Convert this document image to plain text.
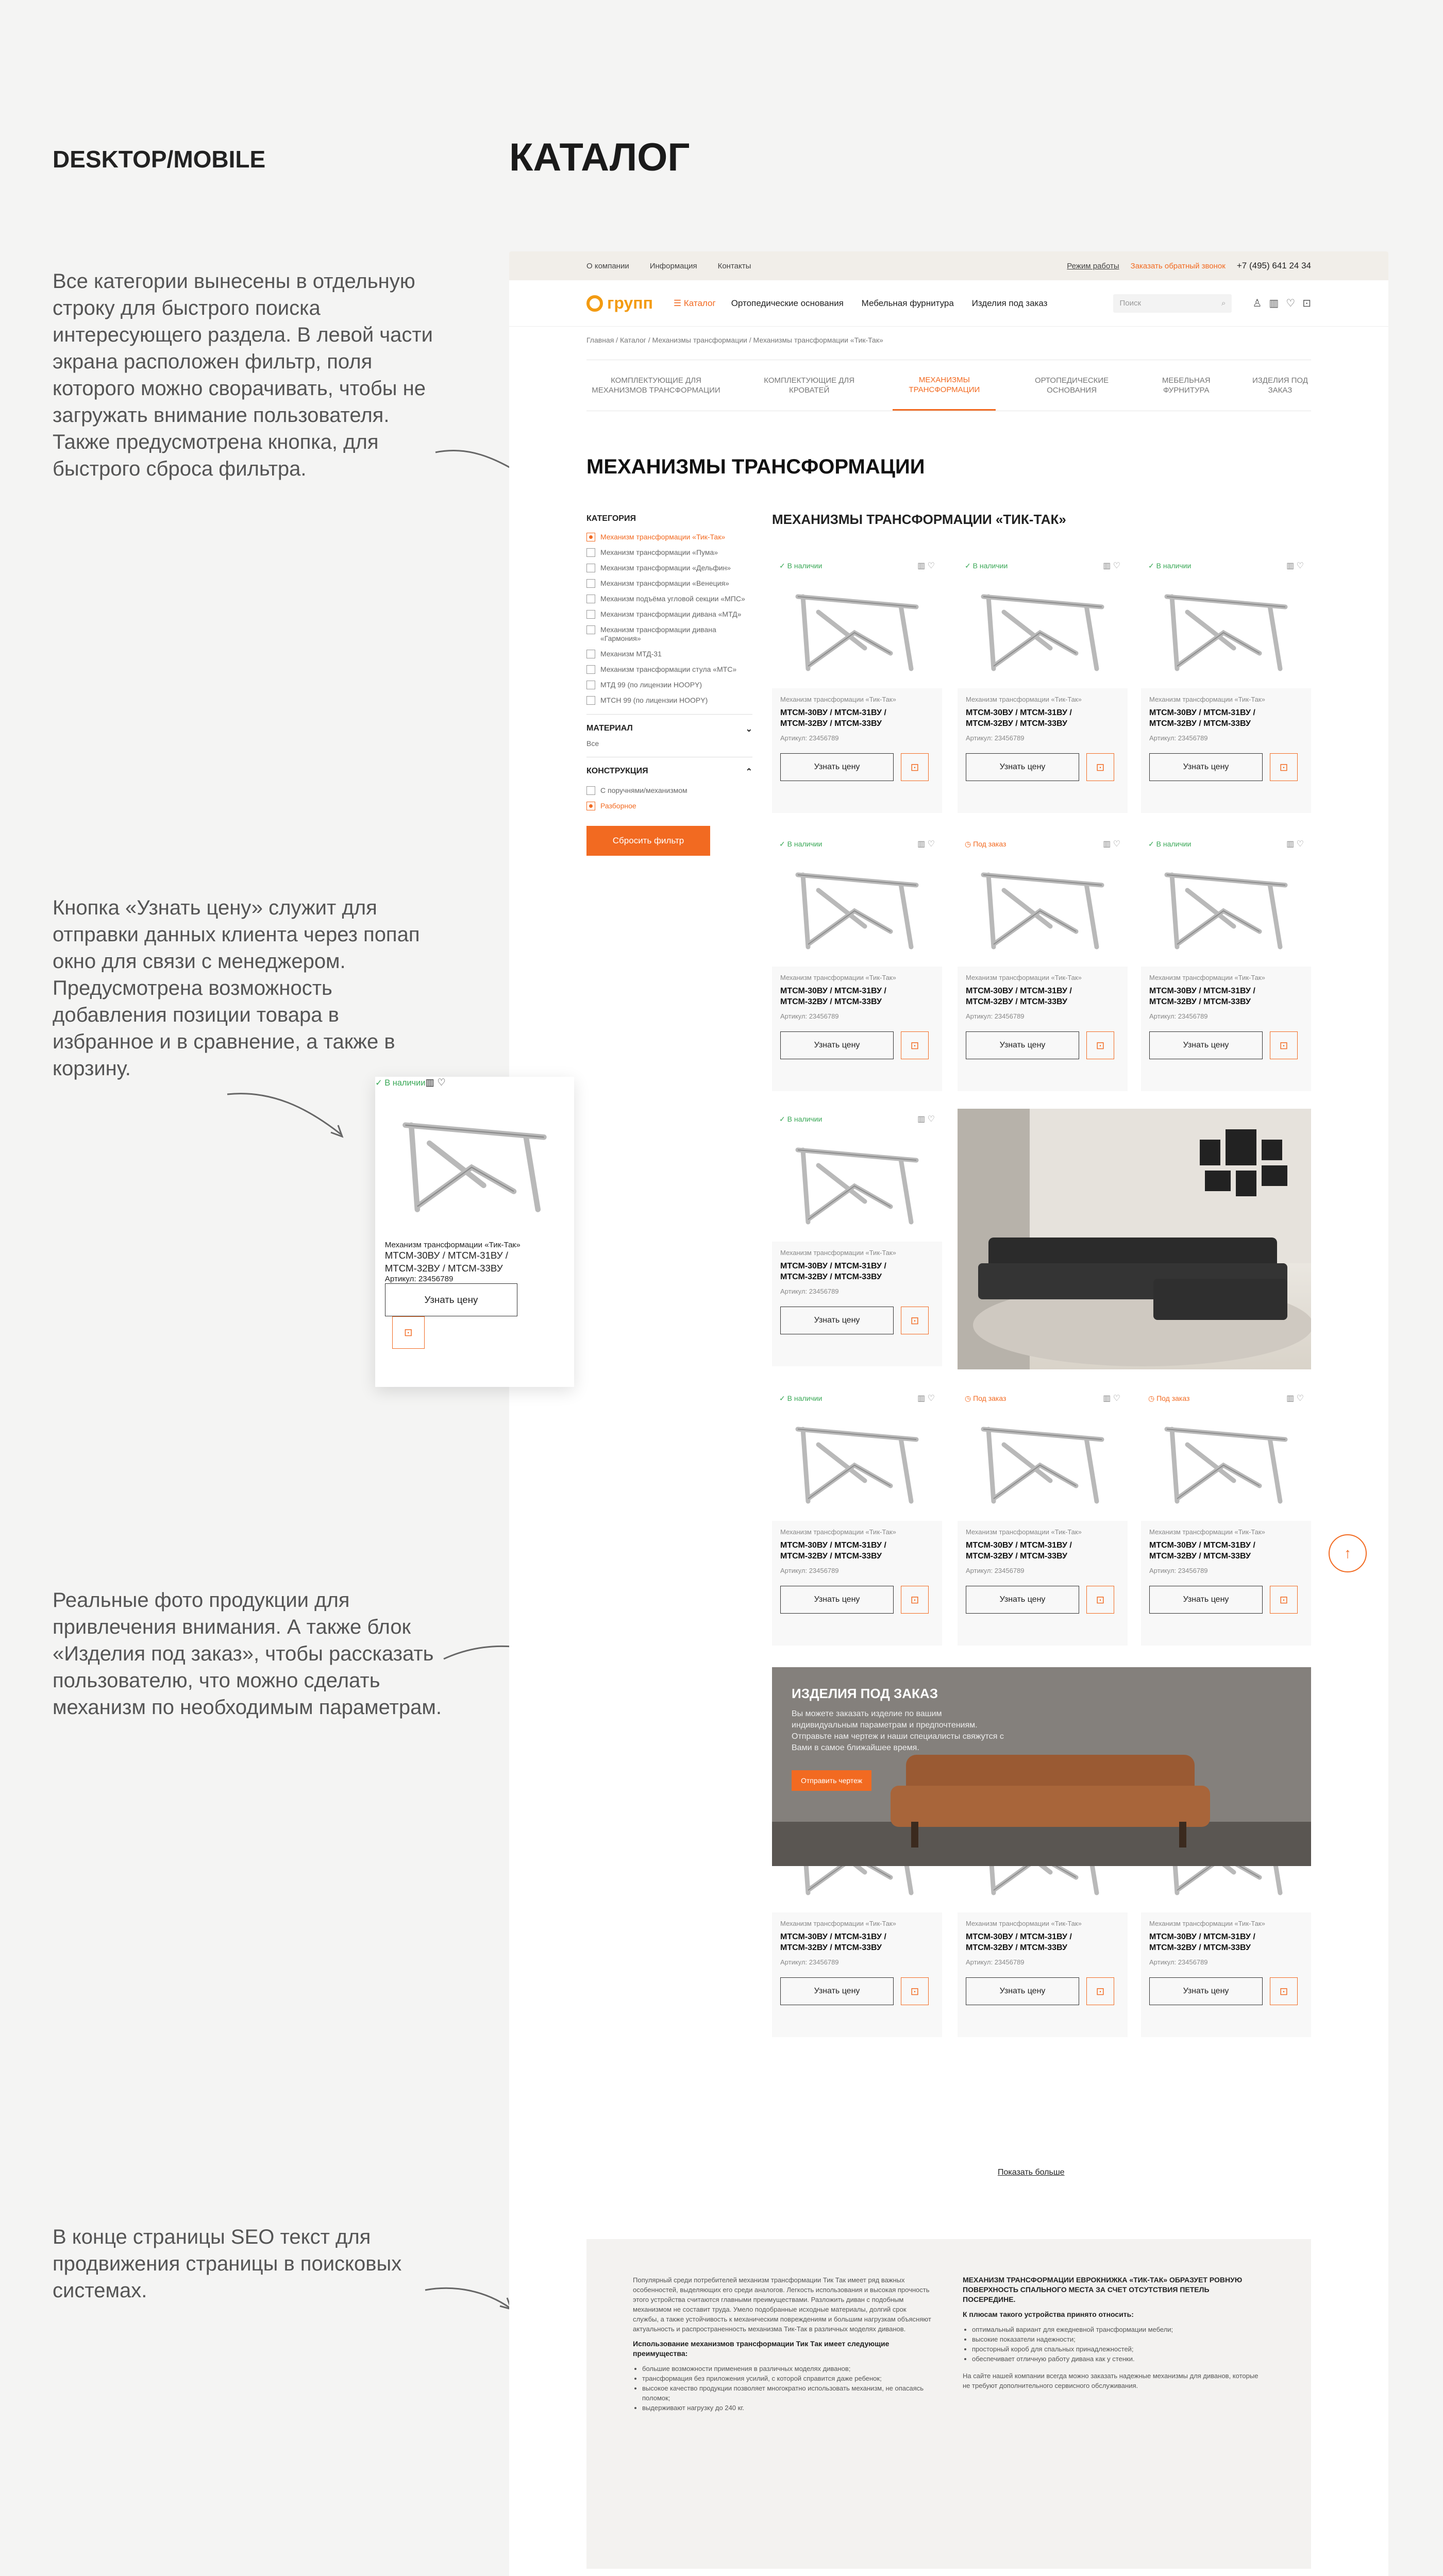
DESKTOP/MOBILE	КАТАЛОГ
Все категории вынесены в отдельную строку для быстрого поиска интересующего раздела. В левой части экрана расположен фильтр, поля которого можно сворачивать, чтобы не загружать внимание пользователя. Также предусмотрена кнопка, для быстрого сброса фильтра.
Кнопка «Узнать цену» служит для отправки данных клиента через попап окно для связи с менеджером. Предусмотрена возможность добавления позиции товара в избранное и в сравнение, а также в корзину.
Реальные фото продукции для привлечения внимания. А также блок «Изделия под заказ», чтобы рассказать пользователю, что можно сделать механизм по необходимым параметрам.
В конце страницы SEO текст для продвижения страницы в поисковых системах.
О компании	Информация	Контакты	Режим работы Заказать обратный звонок +7 (495) 641 24 34
групп ☰ Каталог Ортопедические основания Мебельная фурнитура Изделия под заказ	Поиск	⌕	♙ ▥ ♡ ⊡
Главная / Каталог / Механизмы трансформации / Механизмы трансформации «Тик-Так»
КОМПЛЕКТУЮЩИЕ ДЛЯ МЕХАНИЗМОВ ТРАНСФОРМАЦИИ
КОМПЛЕКТУЮЩИЕ ДЛЯ КРОВАТЕЙ
МЕХАНИЗМЫ ТРАНСФОРМАЦИИ
ОРТОПЕДИЧЕСКИЕ ОСНОВАНИЯ
МЕБЕЛЬНАЯ ФУРНИТУРА
ИЗДЕЛИЯ ПОД ЗАКАЗ
МЕХАНИЗМЫ ТРАНСФОРМАЦИИ
КАТЕГОРИЯ
Механизм трансформации «Тик-Так»
Механизм трансформации «Пума»
Механизм трансформации «Дельфин»
Механизм трансформации «Венеция»
Механизм подъёма угловой секции «МПС»
Механизм трансформации дивана «МТД»
Механизм трансформации дивана «Гармония»
Механизм МТД-31
Механизм трансформации стула «МТС»
МТД 99 (по лицензии HOOPY)
МТСН 99 (по лицензии HOOPY)
МАТЕРИАЛ	⌄
Все
КОНСТРУКЦИЯ	⌃
С поручнями/механизмом
Разборное
Сбросить фильтр
МЕХАНИЗМЫ ТРАНСФОРМАЦИИ «ТИК-ТАК»
✓ В наличии	▥ ♡
Механизм трансформации «Тик-Так»
МТСМ-30ВУ / МТСМ-31ВУ / МТСМ-32ВУ / МТСМ-33ВУ
Артикул: 23456789
Узнать цену	⊡
✓ В наличии	▥ ♡
Механизм трансформации «Тик-Так»
МТСМ-30ВУ / МТСМ-31ВУ / МТСМ-32ВУ / МТСМ-33ВУ
Артикул: 23456789
Узнать цену	⊡
✓ В наличии	▥ ♡
Механизм трансформации «Тик-Так»
МТСМ-30ВУ / МТСМ-31ВУ / МТСМ-32ВУ / МТСМ-33ВУ
Артикул: 23456789
Узнать цену	⊡
✓ В наличии	▥ ♡
Механизм трансформации «Тик-Так»
МТСМ-30ВУ / МТСМ-31ВУ / МТСМ-32ВУ / МТСМ-33ВУ
Артикул: 23456789
Узнать цену	⊡
◷ Под заказ	▥ ♡
Механизм трансформации «Тик-Так»
МТСМ-30ВУ / МТСМ-31ВУ / МТСМ-32ВУ / МТСМ-33ВУ
Артикул: 23456789
Узнать цену	⊡
✓ В наличии	▥ ♡
Механизм трансформации «Тик-Так»
МТСМ-30ВУ / МТСМ-31ВУ / МТСМ-32ВУ / МТСМ-33ВУ
Артикул: 23456789
Узнать цену	⊡
✓ В наличии	▥ ♡
Механизм трансформации «Тик-Так»
МТСМ-30ВУ / МТСМ-31ВУ / МТСМ-32ВУ / МТСМ-33ВУ
Артикул: 23456789
Узнать цену	⊡
✓ В наличии	▥ ♡
Механизм трансформации «Тик-Так»
МТСМ-30ВУ / МТСМ-31ВУ / МТСМ-32ВУ / МТСМ-33ВУ
Артикул: 23456789
Узнать цену	⊡
◷ Под заказ	▥ ♡
Механизм трансформации «Тик-Так»
МТСМ-30ВУ / МТСМ-31ВУ / МТСМ-32ВУ / МТСМ-33ВУ
Артикул: 23456789
Узнать цену	⊡
◷ Под заказ	▥ ♡
Механизм трансформации «Тик-Так»
МТСМ-30ВУ / МТСМ-31ВУ / МТСМ-32ВУ / МТСМ-33ВУ
Артикул: 23456789
Узнать цену	⊡
Механизм трансформации «Тик-Так»
МТСМ-30ВУ / МТСМ-31ВУ / МТСМ-32ВУ / МТСМ-33ВУ
Артикул: 23456789
Узнать цену	⊡
Механизм трансформации «Тик-Так»
МТСМ-30ВУ / МТСМ-31ВУ / МТСМ-32ВУ / МТСМ-33ВУ
Артикул: 23456789
Узнать цену	⊡
Механизм трансформации «Тик-Так»
МТСМ-30ВУ / МТСМ-31ВУ / МТСМ-32ВУ / МТСМ-33ВУ
Артикул: 23456789
Узнать цену	⊡
ИЗДЕЛИЯ ПОД ЗАКАЗ
Вы можете заказать изделие по вашим индивидуальным параметрам и предпочтениям. Отправьте нам чертеж и наши специалисты свяжутся с Вами в самое ближайшее время.
Отправить чертеж
Показать больше
↑

Популярный среди потребителей механизм трансформации Тик Так имеет ряд важных особенностей, выделяющих его среди аналогов. Легкость использования и высокая прочность этого устройства считаются главными преимуществами. Разложить диван с подобным механизмом не составит труда. Умело подобранные исходные материалы, долгий срок службы, а также устойчивость к механическим повреждениям и большим нагрузкам объясняют актуальность и распространенность механизма Тик-Так в различных моделях диванов.

Использование механизмов трансформации Тик Так имеет следующие преимущества:
• большие возможности применения в различных моделях диванов;
• трансформация без приложения усилий, с которой справится даже ребенок;
• высокое качество продукции позволяет многократно использовать механизм, не опасаясь поломок;
• выдерживают нагрузку до 240 кг.
МЕХАНИЗМ ТРАНСФОРМАЦИИ ЕВРОКНИЖКА «ТИК-ТАК» ОБРАЗУЕТ РОВНУЮ ПОВЕРХНОСТЬ СПАЛЬНОГО МЕСТА ЗА СЧЕТ ОТСУТСТВИЯ ПЕТЕЛЬ ПОСЕРЕДИНЕ.
К плюсам такого устройства принято относить:
• оптимальный вариант для ежедневной трансформации мебели;
• высокие показатели надежности;
• просторный короб для спальных принадлежностей;
• обеспечивает отличную работу дивана как у стенки.

На сайте нашей компании всегда можно заказать надежные механизмы для диванов, которые не требуют дополнительного сервисного обслуживания.

✓ В наличии▥ ♡
Механизм трансформации «Тик-Так»
МТСМ-30ВУ / МТСМ-31ВУ / МТСМ-32ВУ / МТСМ-33ВУ
Артикул: 23456789
Узнать цену
⊡
